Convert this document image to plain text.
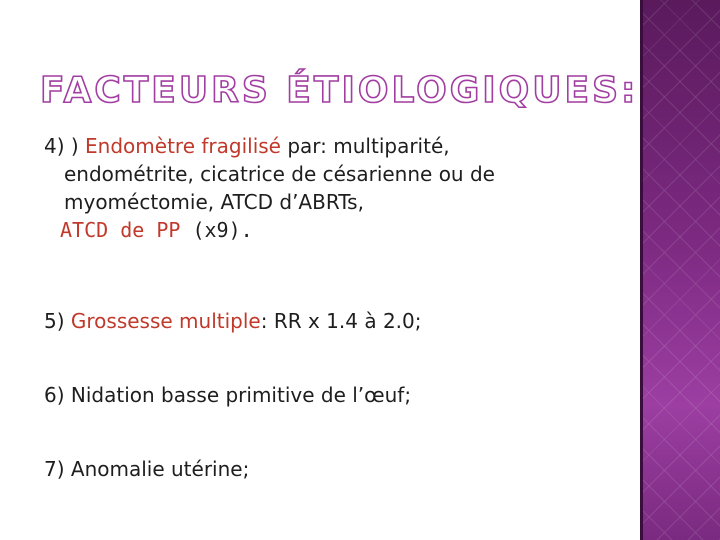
FACTEURS ÉTIOLOGIQUES:
4) ) Endomètre fragilisé par: multiparité,
endométrite, cicatrice de césarienne ou de
myoméctomie, ATCD d’ABRTs,
ATCD de PP (x9).
5) Grossesse multiple: RR x 1.4 à 2.0;
6) Nidation basse primitive de l’œuf;
7) Anomalie utérine;
